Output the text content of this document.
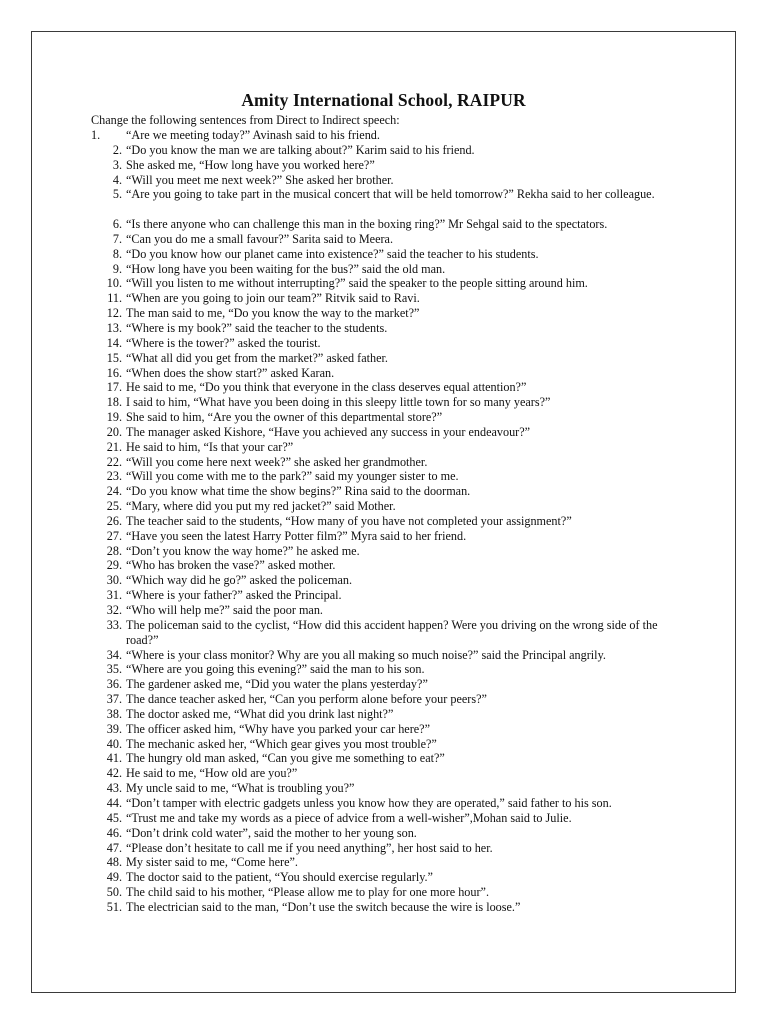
Amity International School, RAIPUR
Change the following sentences from Direct to Indirect speech:
1. “Are we meeting today?” Avinash said to his friend.
2. “Do you know the man we are talking about?” Karim said to his friend.
3. She asked me, “How long have you worked here?”
4. “Will you meet me next week?” She asked her brother.
5. “Are you going to take part in the musical concert that will be held tomorrow?” Rekha said to her colleague.
6. “Is there anyone who can challenge this man in the boxing ring?” Mr Sehgal said to the spectators.
7. “Can you do me a small favour?” Sarita said to Meera.
8. “Do you know how our planet came into existence?” said the teacher to his students.
9. “How long have you been waiting for the bus?” said the old man.
10. “Will you listen to me without interrupting?” said the speaker to the people sitting around him.
11. “When are you going to join our team?” Ritvik said to Ravi.
12. The man said to me, “Do you know the way to the market?”
13. “Where is my book?” said the teacher to the students.
14. “Where is the tower?” asked the tourist.
15. “What all did you get from the market?” asked father.
16. “When does the show start?” asked Karan.
17. He said to me, “Do you think that everyone in the class deserves equal attention?”
18. I said to him, “What have you been doing in this sleepy little town for so many years?”
19. She said to him, “Are you the owner of this departmental store?”
20. The manager asked Kishore, “Have you achieved any success in your endeavour?”
21. He said to him, “Is that your car?”
22. “Will you come here next week?” she asked her grandmother.
23. “Will you come with me to the park?” said my younger sister to me.
24. “Do you know what time the show begins?” Rina said to the doorman.
25. “Mary, where did you put my red jacket?” said Mother.
26. The teacher said to the students, “How many of you have not completed your assignment?”
27. “Have you seen the latest Harry Potter film?” Myra said to her friend.
28. “Don’t you know the way home?” he asked me.
29. “Who has broken the vase?” asked mother.
30. “Which way did he go?” asked the policeman.
31. “Where is your father?” asked the Principal.
32. “Who will help me?” said the poor man.
33. The policeman said to the cyclist, “How did this accident happen? Were you driving on the wrong side of the road?”
34. “Where is your class monitor? Why are you all making so much noise?” said the Principal angrily.
35. “Where are you going this evening?” said the man to his son.
36. The gardener asked me, “Did you water the plans yesterday?”
37. The dance teacher asked her, “Can you perform alone before your peers?”
38. The doctor asked me, “What did you drink last night?”
39. The officer asked him, “Why have you parked your car here?”
40. The mechanic asked her, “Which gear gives you most trouble?”
41. The hungry old man asked, “Can you give me something to eat?”
42. He said to me, “How old are you?”
43. My uncle said to me, “What is troubling you?”
44. “Don’t tamper with electric gadgets unless you know how they are operated,” said father to his son.
45. “Trust me and take my words as a piece of advice from a well-wisher”,Mohan said to Julie.
46. “Don’t drink cold water”, said the mother to her young son.
47. “Please don’t hesitate to call me if you need anything”, her host said to her.
48. My sister said to me, “Come here”.
49. The doctor said to the patient, “You should exercise regularly.”
50. The child said to his mother, “Please allow me to play for one more hour”.
51. The electrician said to the man, “Don’t use the switch because the wire is loose.”
